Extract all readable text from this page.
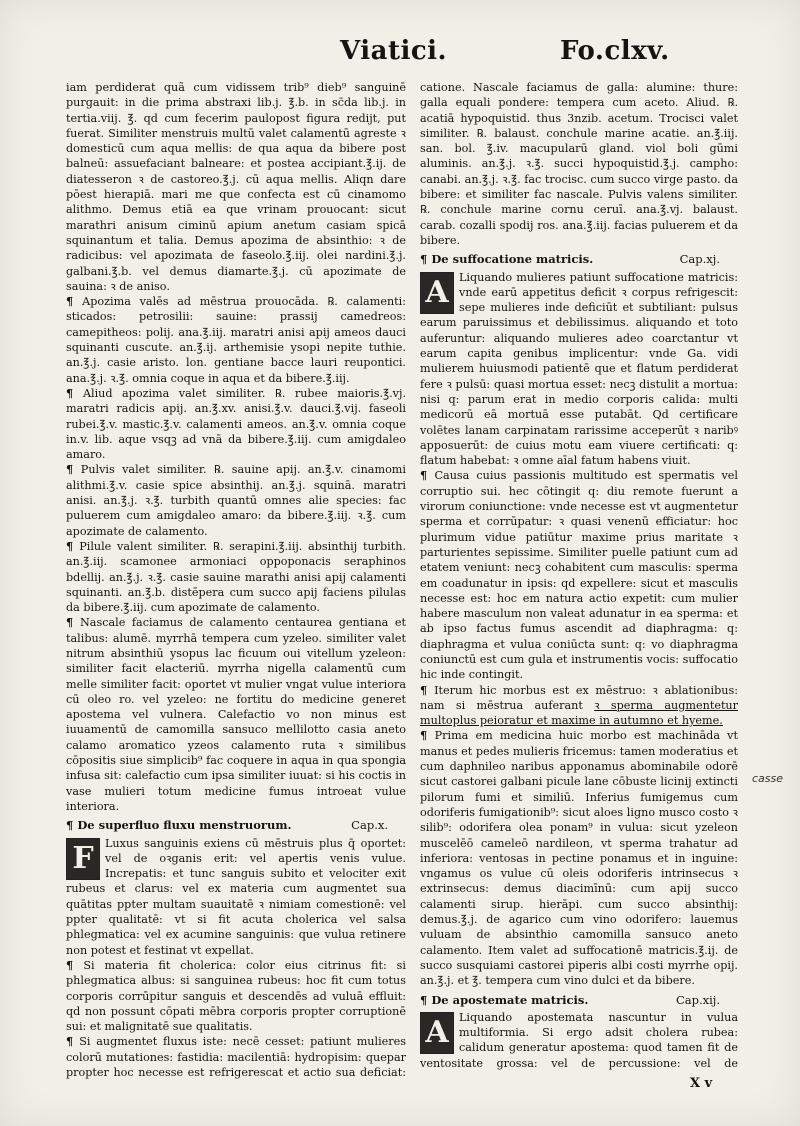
Viatici.	Fo.clxv.

iam perdiderat quã cum vidissem trib⁹ dieb⁹ sanguinē purgauit: in die prima abstraxi lib.j. ℥.b. in sc̄da lib.j. in tertia.viij. ℥. qd cum fecerim paulopost figura redijt, put fuerat. Similiter menstruis multū valet calamentū agreste ꝛ domesticū cum aqua mellis: de qua aqua da bibere post balneū: assuefaciant balneare: et postea accipiant.℥.ij. de diatesseron ꝛ de castoreo.℥.j. cū aqua mellis. Aliqn dare pōest hierapiā. mari me que confecta est cū cinamomo alithmo. Demus etiā ea que vrinam prouocant: sicut marathri anisum ciminū apium anetum casiam spicā squinantum et talia. Demus apozima de absinthio: ꝛ de radicibus: vel apozimata de faseolo.℥.iij. olei nardini.℥.j. galbani.℥.b. vel demus diamarte.℥.j. cū apozimate de sauina: ꝛ de aniso.

¶ Apozima valēs ad mēstrua prouocāda. ℞. calamenti: sticados: petrosilii: sauine: prassij camedreos: camepitheos: polij. ana.℥.iij. maratri anisi apij ameos dauci squinanti cuscute. an.℥.ij. arthemisie ysopi nepite tuthie. an.℥.j. casie aristo. lon. gentiane bacce lauri reupontici. ana.℥.j. ꝛ.℥. omnia coque in aqua et da bibere.℥.iij.

¶ Aliud apozima valet similiter. ℞. rubee maioris.℥.vj. maratri radicis apij. an.℥.xv. anisi.℥.v. dauci.℥.vij. faseoli rubei.℥.v. mastic.℥.v. calamenti ameos. an.℥.v. omnia coque in.v. lib. aque vsqꝫ ad vnā da bibere.℥.iij. cum amigdaleo amaro.

¶ Pulvis valet similiter. ℞. sauine apij. an.℥.v. cinamomi alithmi.℥.v. casie spice absinthij. an.℥.j. squinā. maratri anisi. an.℥.j. ꝛ.℥. turbith quantū omnes alie species: fac puluerem cum amigdaleo amaro: da bibere.℥.iij. ꝛ.℥. cum apozimate de calamento.

¶ Pilule valent similiter. ℞. serapini.℥.iij. absinthij turbith. an.℥.iij. scamonee armoniaci oppoponacis seraphinos bdellij. an.℥.j. ꝛ.℥. casie sauine marathi anisi apij calamenti squinanti. an.℥.b. distēpera cum succo apij faciens pilulas da bibere.℥.iij. cum apozimate de calamento.

¶ Nascale faciamus de calamento centaurea gentiana et talibus: alumē. myrrhā tempera cum yzeleo. similiter valet nitrum absinthiū ysopus lac ficuum oui vitellum yzeleon: similiter facit elacteriū. myrrha nigella calamentū cum melle similiter facit: oportet vt mulier vngat vulue interiora cū oleo ro. vel yzeleo: ne fortitu do medicine generet apostema vel vulnera. Calefactio vo non minus est iuuamentū de camomilla sansuco mellilotto casia aneto calamo aromatico yzeos calamento ruta ꝛ similibus cōpositis siue simplicib⁹ fac coquere in aqua in qua spongia infusa sit: calefactio cum ipsa similiter iuuat: si his coctis in vase mulieri totum medicine fumus introeat vulue interiora.

¶ De superfluo fluxu menstruorum.	Cap.x.

F	Luxus sanguinis exiens cū mēstruis plus q̄ oportet: vel de oꝛganis erit: vel apertis venis vulue. Increpatis: et tunc sanguis subito et velociter exit rubeus et clarus: vel ex materia cum augmentet sua quātitas ppter multam suauitatē ꝛ nimiam comestionē: vel ppter qualitatē: vt si fit acuta cholerica vel salsa phlegmatica: vel ex acumine sanguinis: que vulua retinere non potest et festinat vt expellat.

¶ Si materia fit cholerica: color eius citrinus fit: si phlegmatica albus: si sanguinea rubeus: hoc fit cum totus corporis corrūpitur sanguis et descendēs ad vuluā effluit: qd non possunt cōpati mēbra corporis propter corruptionē sui: et malignitatē sue qualitatis.

¶ Si augmentet fluxus iste: necē cesset: patiunt mulieres colorū mutationes: fastidia: macilentiā: hydropisim: quepar propter hoc necesse est refrigerescat et actio sua deficiat:

catione. Nascale faciamus de galla: alumine: thure: galla equali pondere: tempera cum aceto. Aliud. ℞. acatiā hypoquistid. thus 3nzib. acetum. Trocisci valet similiter. ℞. balaust. conchule marine acatie. an.℥.iij. san. bol. ℥.iv. macupularū gland. viol boli gūmi aluminis. an.℥.j. ꝛ.℥. succi hypoquistid.℥.j. campho: canabi. an.℥.j. ꝛ.℥. fac trocisc. cum succo virge pasto. da bibere: et similiter fac nascale. Pulvis valens similiter. ℞. conchule marine cornu ceruī. ana.℥.vj. balaust. carab. cozalli spodij ros. ana.℥.iij. facias puluerem et da bibere.

¶ De suffocatione matricis.	Cap.xj.

A Liquando mulieres patiunt suffocatione matricis: vnde earū appetitus deficit ꝛ corpus refrigescit: sepe mulieres inde deficiūt et subtiliant: pulsus earum paruissimus et debilissimus. aliquando et toto auferuntur: aliquando mulieres adeo coarctantur vt earum capita genibus implicentur: vnde Ga. vidi mulierem huiusmodi patientē que et flatum perdiderat fere ꝛ pulsū: quasi mortua esset: necꝫ distulit a mortua: nisi q: parum erat in medio corporis calida: multi medicorū eā mortuā esse putabāt. Qd certificare volētes lanam carpinatam rarissime acceperūt ꝛ naribꝰ apposuerūt: de cuius motu eam viuere certificati: q: flatum habebat: ꝛ omne aīal fatum habens viuit.

¶ Causa cuius passionis multitudo est spermatis vel corruptio sui. hec cōtingit q: diu remote fuerunt a virorum coniunctione: vnde necesse est vt augmentetur sperma et corrūpatur: ꝛ quasi venenū efficiatur: hoc plurimum vidue patiūtur maxime prius maritate ꝛ parturientes sepissime. Similiter puelle patiunt cum ad etatem veniunt: necꝫ cohabitent cum masculis: sperma em coadunatur in ipsis: qd expellere: sicut et masculis necesse est: hoc em natura actio expetit: cum mulier habere masculum non valeat adunatur in ea sperma: et ab ipso factus fumus ascendit ad diaphragma: q: diaphragma et vulua coniūcta sunt: q: vo diaphragma coniunctū est cum gula et instrumentis vocis: suffocatio hic inde contingit.

¶ Iterum hic morbus est ex mēstruo: ꝛ ablationibus: nam si mēstrua auferant ꝛ sperma augmentetur multoplus peioratur et maxime in autumno et hyeme.

¶ Prima em medicina huic morbo est machināda vt manus et pedes mulieris fricemus: tamen moderatius et cum daphnileo naribus apponamus abominabile odorē sicut castorei galbani picule lane cōbuste licinij extincti pilorum fumi et similiū. Inferius fumigemus cum odoriferis fumigationib⁹: sicut aloes ligno musco costo ꝛ silib⁹: odorifera olea ponam⁹ in vulua: sicut yzeleon muscelēō cameleō nardileon, vt sperma trahatur ad inferiora: ventosas in pectine ponamus et in inguine: vngamus os vulue cū oleis odoriferis intrinsecus ꝛ extrinsecus: demus diacimīnū: cum apij succo calamenti sirup. hierāpi. cum succo absinthij: demus.℥.j. de agarico cum vino odorifero: lauemus vuluam de absinthio camomilla sansuco aneto calamento. Item valet ad suffocationē matricis.℥.ij. de succo susquiami castorei piperis albi costi myrrhe opij. an.℥.j. et ℥. tempera cum vino dulci et da bibere.

¶ De apostemate matricis.	Cap.xij.

A Liquando apostemata nascuntur in vulua multiformia. Si ergo adsit cholera rubea: calidum generatur apostema: quod tamen fit de ventositate grossa: vel de percussione: vel de

casse
X v
